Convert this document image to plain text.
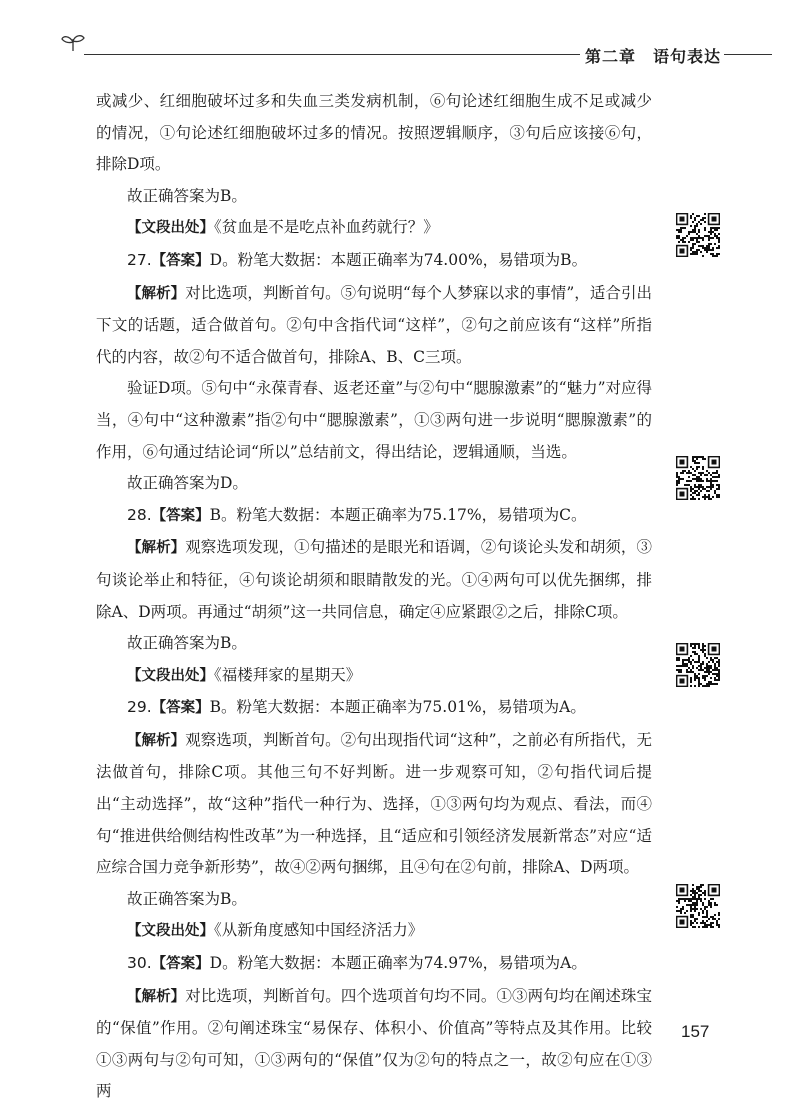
第二章 语句表达

或减少、红细胞破坏过多和失血三类发病机制，⑥句论述红细胞生成不足或减少的情况，①句论述红细胞破坏过多的情况。按照逻辑顺序，③句后应该接⑥句，排除D项。

故正确答案为B。

【文段出处】《贫血是不是吃点补血药就行？》

27.【答案】D。粉笔大数据：本题正确率为74.00%，易错项为B。

【解析】对比选项，判断首句。⑤句说明“每个人梦寐以求的事情”，适合引出下文的话题，适合做首句。②句中含指代词“这样”，②句之前应该有“这样”所指代的内容，故②句不适合做首句，排除A、B、C三项。

验证D项。⑤句中“永葆青春、返老还童”与②句中“腮腺激素”的“魅力”对应得当，④句中“这种激素”指②句中“腮腺激素”，①③两句进一步说明“腮腺激素”的作用，⑥句通过结论词“所以”总结前文，得出结论，逻辑通顺，当选。

故正确答案为D。

28.【答案】B。粉笔大数据：本题正确率为75.17%，易错项为C。

【解析】观察选项发现，①句描述的是眼光和语调，②句谈论头发和胡须，③句谈论举止和特征，④句谈论胡须和眼睛散发的光。①④两句可以优先捆绑，排除A、D两项。再通过“胡须”这一共同信息，确定④应紧跟②之后，排除C项。

故正确答案为B。

【文段出处】《福楼拜家的星期天》

29.【答案】B。粉笔大数据：本题正确率为75.01%，易错项为A。

【解析】观察选项，判断首句。②句出现指代词“这种”，之前必有所指代，无法做首句，排除C项。其他三句不好判断。进一步观察可知，②句指代词后提出“主动选择”，故“这种”指代一种行为、选择，①③两句均为观点、看法，而④句“推进供给侧结构性改革”为一种选择，且“适应和引领经济发展新常态”对应“适应综合国力竞争新形势”，故④②两句捆绑，且④句在②句前，排除A、D两项。

故正确答案为B。

【文段出处】《从新角度感知中国经济活力》

30.【答案】D。粉笔大数据：本题正确率为74.97%，易错项为A。

【解析】对比选项，判断首句。四个选项首句均不同。①③两句均在阐述珠宝的“保值”作用。②句阐述珠宝“易保存、体积小、价值高”等特点及其作用。比较①③两句与②句可知，①③两句的“保值”仅为②句的特点之一，故②句应在①③两

157
